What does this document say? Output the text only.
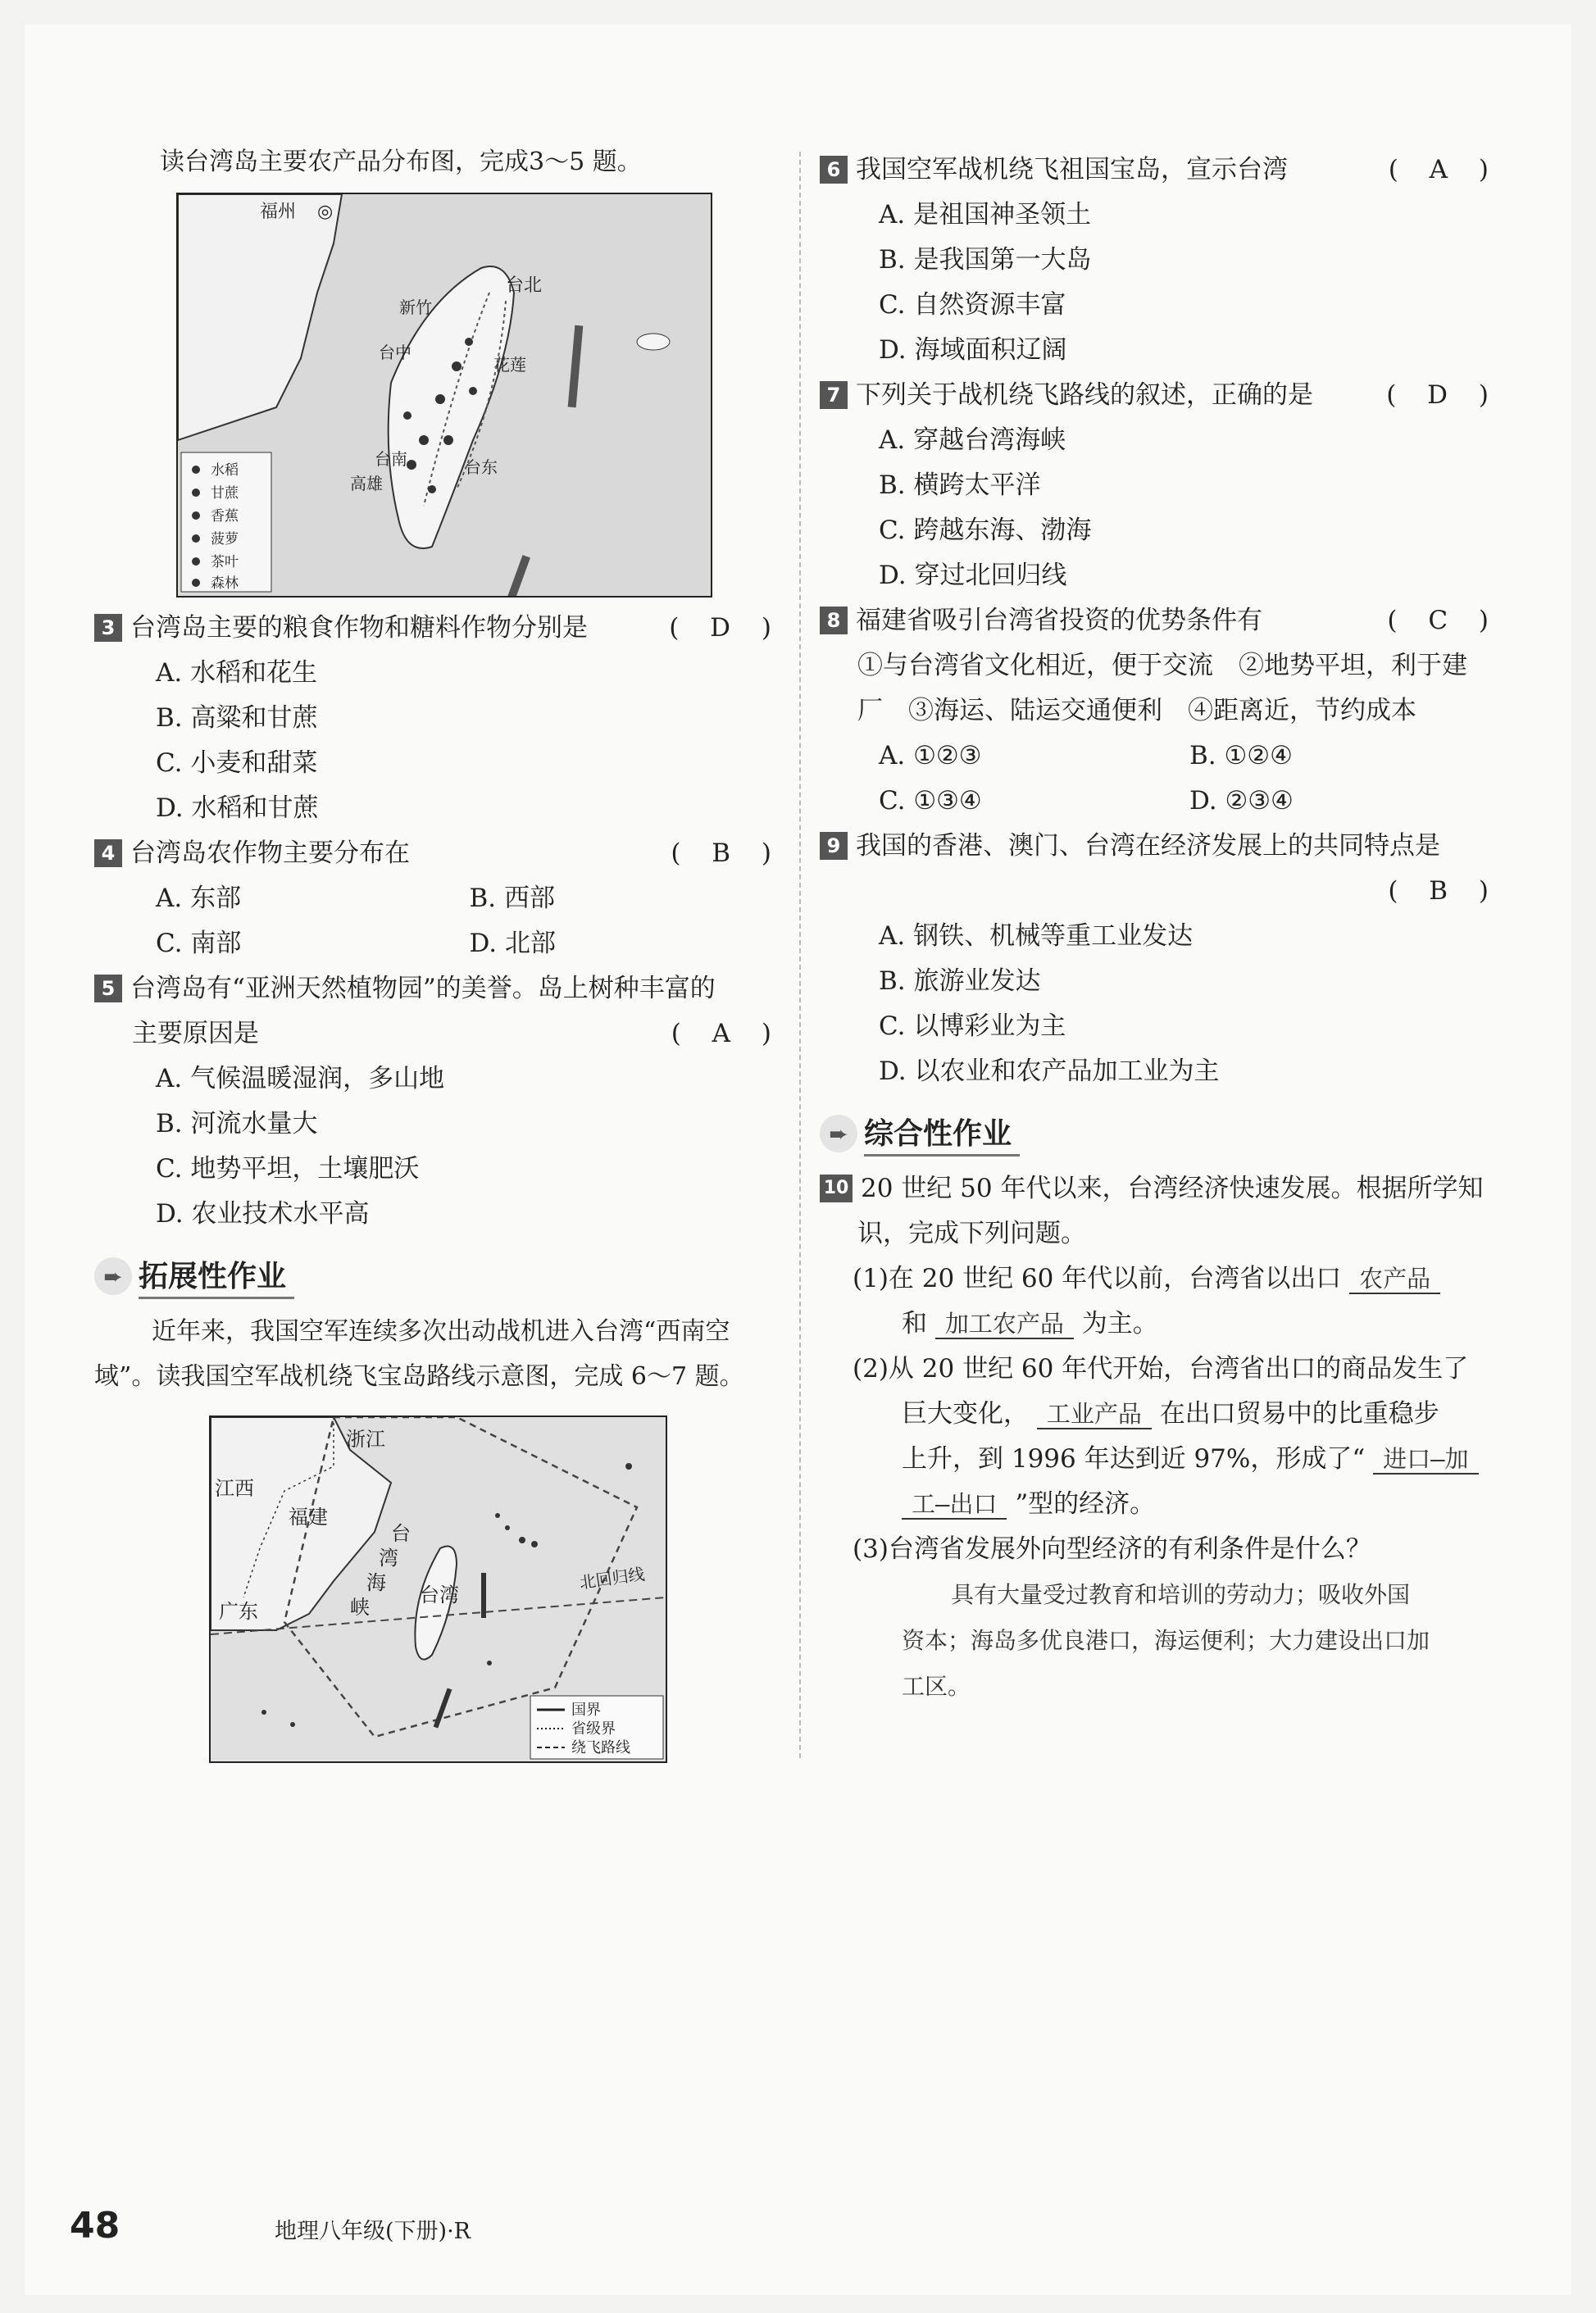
读台湾岛主要农产品分布图，完成3～5 题。
福州 ◎
台北
新竹
台中
花莲
台南
高雄
台东
水稻
甘蔗
香蕉
菠萝
茶叶
森林
3 台湾岛主要的粮食作物和糖料作物分别是	( D )
A. 水稻和花生
B. 高粱和甘蔗
C. 小麦和甜菜
D. 水稻和甘蔗
4 台湾岛农作物主要分布在	( B )
A. 东部	B. 西部
C. 南部	D. 北部
5 台湾岛有“亚洲天然植物园”的美誉。岛上树种丰富的
主要原因是	( A )
A. 气候温暖湿润，多山地
B. 河流水量大
C. 地势平坦，土壤肥沃
D. 农业技术水平高
➨ 拓展性作业
近年来，我国空军连续多次出动战机进入台湾“西南空
域”。读我国空军战机绕飞宝岛路线示意图，完成 6～7 题。
浙江
江西
福建
台
湾
海
峡
台湾
广东
北回归线
国界
省级界
绕飞路线
6 我国空军战机绕飞祖国宝岛，宣示台湾	( A )
A. 是祖国神圣领土
B. 是我国第一大岛
C. 自然资源丰富
D. 海域面积辽阔
7 下列关于战机绕飞路线的叙述，正确的是	( D )
A. 穿越台湾海峡
B. 横跨太平洋
C. 跨越东海、渤海
D. 穿过北回归线
8 福建省吸引台湾省投资的优势条件有	( C )
①与台湾省文化相近，便于交流　②地势平坦，利于建
厂　③海运、陆运交通便利　④距离近，节约成本
A. ①②③	B. ①②④
C. ①③④	D. ②③④
9 我国的香港、澳门、台湾在经济发展上的共同特点是
( B )
A. 钢铁、机械等重工业发达
B. 旅游业发达
C. 以博彩业为主
D. 以农业和农产品加工业为主
➨ 综合性作业
10 20 世纪 50 年代以来，台湾经济快速发展。根据所学知
识，完成下列问题。
(1)在 20 世纪 60 年代以前，台湾省以出口 农产品
和 加工农产品 为主。
(2)从 20 世纪 60 年代开始，台湾省出口的商品发生了
巨大变化， 工业产品 在出口贸易中的比重稳步
上升，到 1996 年达到近 97%，形成了“ 进口—加
工—出口 ”型的经济。
(3)台湾省发展外向型经济的有利条件是什么？
具有大量受过教育和培训的劳动力；吸收外国
资本；海岛多优良港口，海运便利；大力建设出口加
工区。
48	地理八年级(下册)·R
